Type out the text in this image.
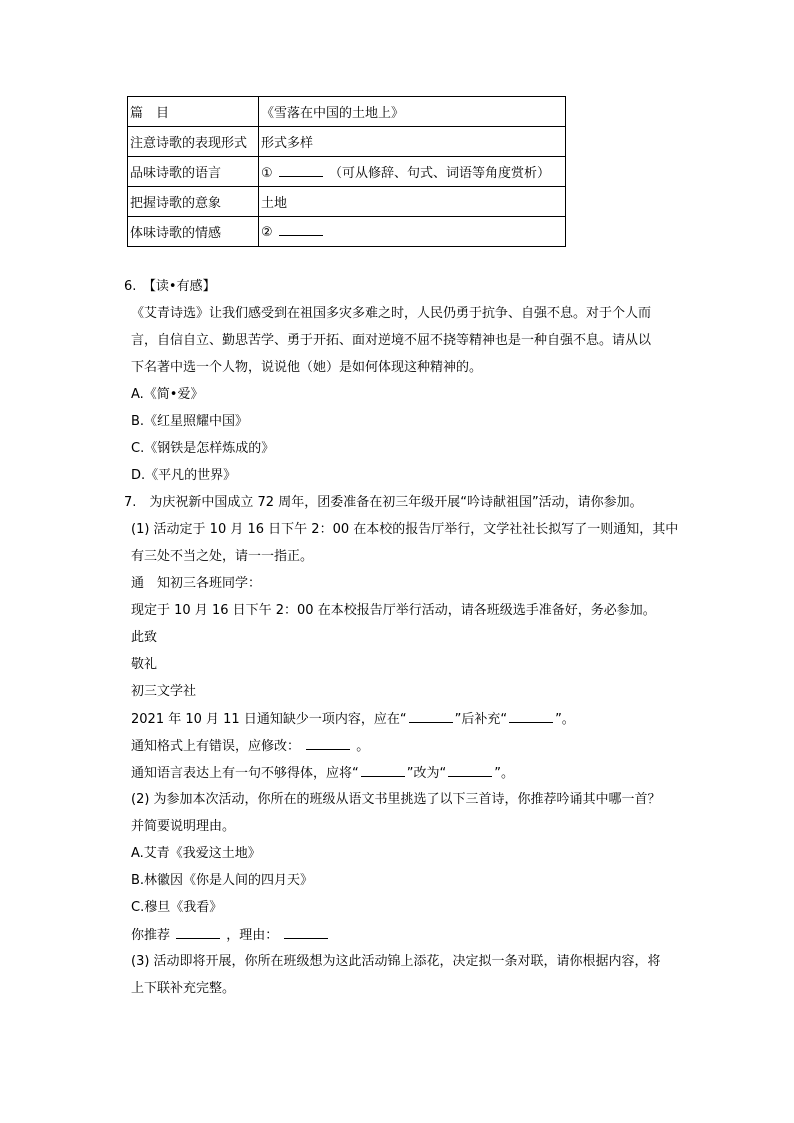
篇　目	《雪落在中国的土地上》
注意诗歌的表现形式	形式多样
品味诗歌的语言	① （可从修辞、句式、词语等角度赏析）
把握诗歌的意象	土地
体味诗歌的情感	②
6.　【读•有感】
《艾青诗选》让我们感受到在祖国多灾多难之时，人民仍勇于抗争、自强不息。对于个人而
言，自信自立、勤思苦学、勇于开拓、面对逆境不屈不挠等精神也是一种自强不息。请从以
下名著中选一个人物，说说他（她）是如何体现这种精神的。
A.《简•爱》
B.《红星照耀中国》
C.《钢铁是怎样炼成的》
D.《平凡的世界》
7.　为庆祝新中国成立 72 周年，团委准备在初三年级开展“吟诗献祖国”活动，请你参加。
(1) 活动定于 10 月 16 日下午 2：00 在本校的报告厅举行，文学社社长拟写了一则通知，其中
有三处不当之处，请一一指正。
通　知初三各班同学：
现定于 10 月 16 日下午 2：00 在本校报告厅举行活动，请各班级选手准备好，务必参加。
此致
敬礼
初三文学社
2021 年 10 月 11 日通知缺少一项内容，应在“	”后补充“	”。
通知格式上有错误，应修改：	。
通知语言表达上有一句不够得体，应将“	”改为“	”。
(2) 为参加本次活动，你所在的班级从语文书里挑选了以下三首诗，你推荐吟诵其中哪一首？
并简要说明理由。
A.艾青《我爱这土地》
B.林徽因《你是人间的四月天》
C.穆旦《我看》
你推荐	，理由：
(3) 活动即将开展，你所在班级想为这此活动锦上添花，决定拟一条对联，请你根据内容，将
上下联补充完整。
